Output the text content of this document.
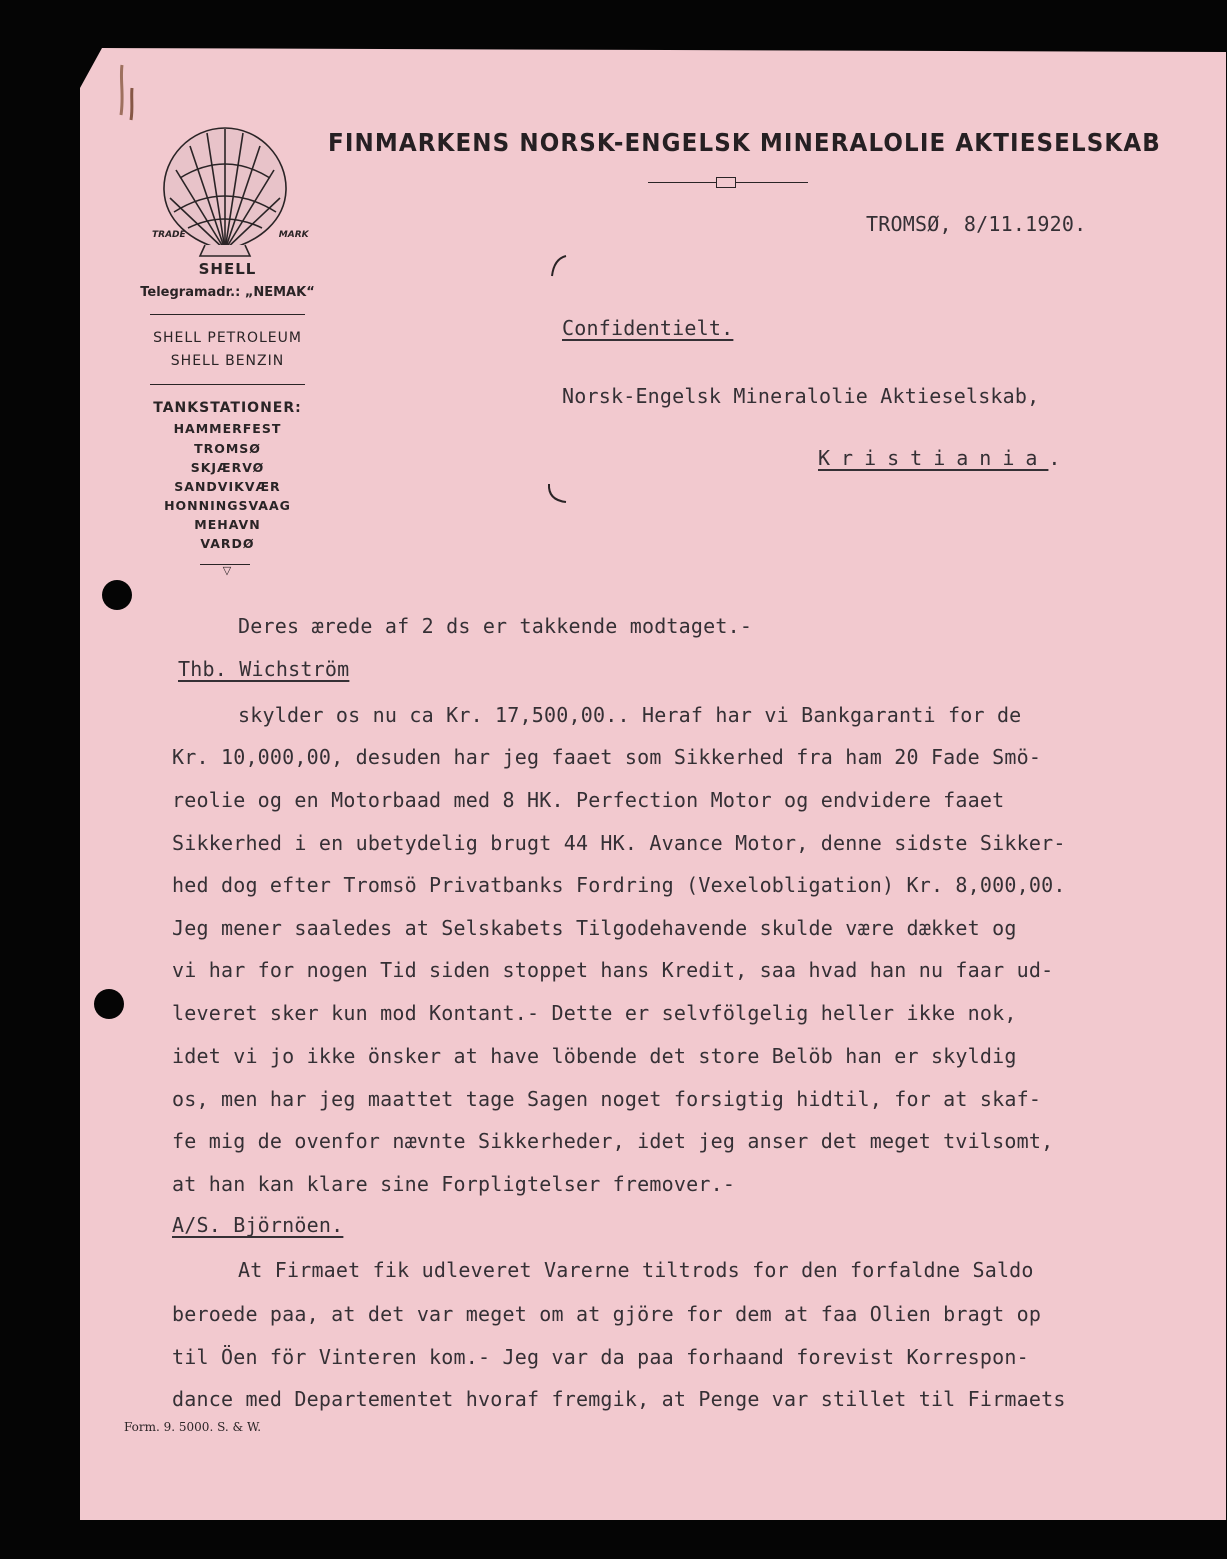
TRADE	MARK
SHELL
Telegramadr.: „NEMAK“
SHELL PETROLEUM
SHELL BENZIN
TANKSTATIONER:
HAMMERFEST
TROMSØ
SKJÆRVØ
SANDVIKVÆR
HONNINGSVAAG
MEHAVN
VARDØ
▽
FINMARKENS NORSK-ENGELSK MINERALOLIE AKTIESELSKAB
TROMSØ, 8/11.1920.
Confidentielt.
Norsk-Engelsk Mineralolie Aktieselskab,
Kristiania.
Deres ærede af 2 ds er takkende modtaget.-
Thb. Wichström
skylder os nu ca Kr. 17,500,00.. Heraf har vi Bankgaranti for de
Kr. 10,000,00, desuden har jeg faaet som Sikkerhed fra ham 20 Fade Smö-
reolie og en Motorbaad med 8 HK. Perfection Motor og endvidere faaet
Sikkerhed i en ubetydelig brugt 44 HK. Avance Motor, denne sidste Sikker-
hed dog efter Tromsö Privatbanks Fordring (Vexelobligation) Kr. 8,000,00.
Jeg mener saaledes at Selskabets Tilgodehavende skulde være dækket og
vi har for nogen Tid siden stoppet hans Kredit, saa hvad han nu faar ud-
leveret sker kun mod Kontant.- Dette er selvfölgelig heller ikke nok,
idet vi jo ikke önsker at have löbende det store Belöb han er skyldig
os, men har jeg maattet tage Sagen noget forsigtig hidtil, for at skaf-
fe mig de ovenfor nævnte Sikkerheder, idet jeg anser det meget tvilsomt,
at han kan klare sine Forpligtelser fremover.-
A/S. Björnöen.
At Firmaet fik udleveret Varerne tiltrods for den forfaldne Saldo
beroede paa, at det var meget om at gjöre for dem at faa Olien bragt op
til Öen för Vinteren kom.- Jeg var da paa forhaand forevist Korrespon-
dance med Departementet hvoraf fremgik, at Penge var stillet til Firmaets
Form. 9. 5000. S. & W.
